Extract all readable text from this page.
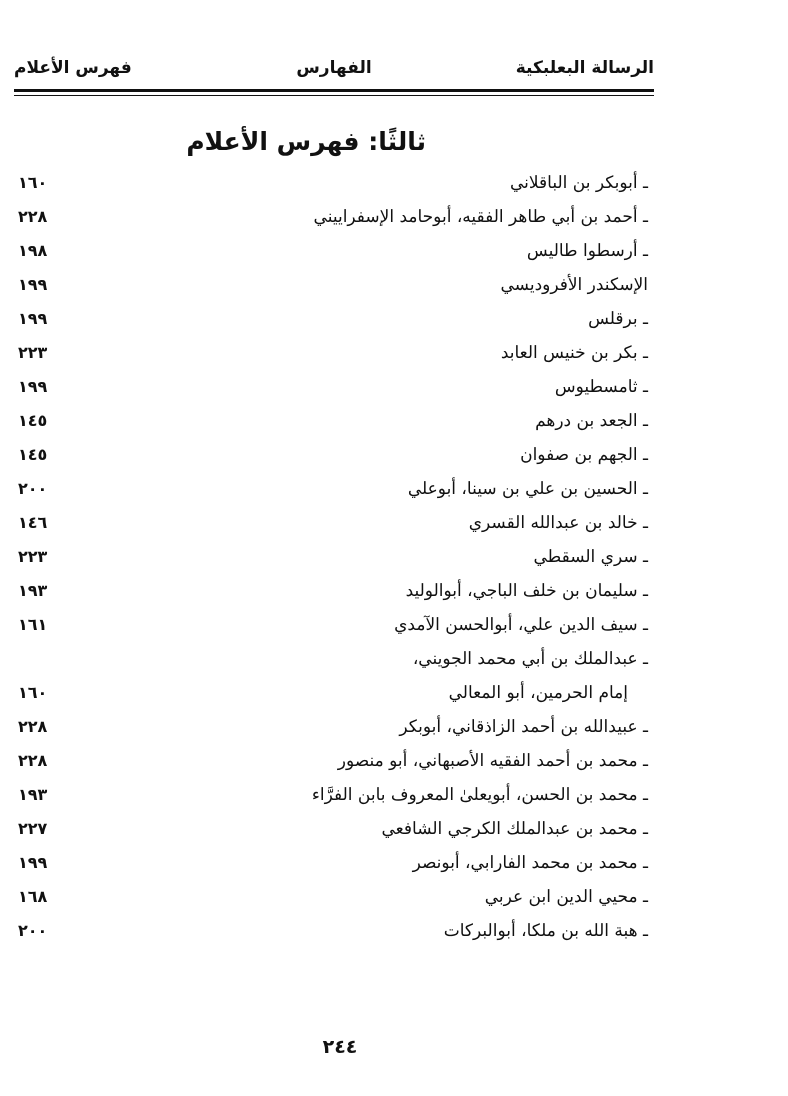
الرسالة البعلبكية
الفهارس
فهرس الأعلام
ثالثًا: فهرس الأعلام
ـ أبوبكر بن الباقلاني
١٦٠
ـ أحمد بن أبي طاهر الفقيه، أبوحامد الإسفراييني
٢٢٨
ـ أرسطوا طاليس
١٩٨
الإسكندر الأفروديسي
١٩٩
ـ برقلس
١٩٩
ـ بكر بن خنيس العابد
٢٢٣
ـ ثامسطيوس
١٩٩
ـ الجعد بن درهم
١٤٥
ـ الجهم بن صفوان
١٤٥
ـ الحسين بن علي بن سينا، أبوعلي
٢٠٠
ـ خالد بن عبدالله القسري
١٤٦
ـ سري السقطي
٢٢٣
ـ سليمان بن خلف الباجي، أبوالوليد
١٩٣
ـ سيف الدين علي، أبوالحسن الآمدي
١٦١
ـ عبدالملك بن أبي محمد الجويني،
إمام الحرمين، أبو المعالي
١٦٠
ـ عبيدالله بن أحمد الزاذقاني، أبوبكر
٢٢٨
ـ محمد بن أحمد الفقيه الأصبهاني، أبو منصور
٢٢٨
ـ محمد بن الحسن، أبويعلىٰ المعروف بابن الفرَّاء
١٩٣
ـ محمد بن عبدالملك الكرجي الشافعي
٢٢٧
ـ محمد بن محمد الفارابي، أبونصر
١٩٩
ـ محيي الدين ابن عربي
١٦٨
ـ هبة الله بن ملكا، أبوالبركات
٢٠٠
٢٤٤
